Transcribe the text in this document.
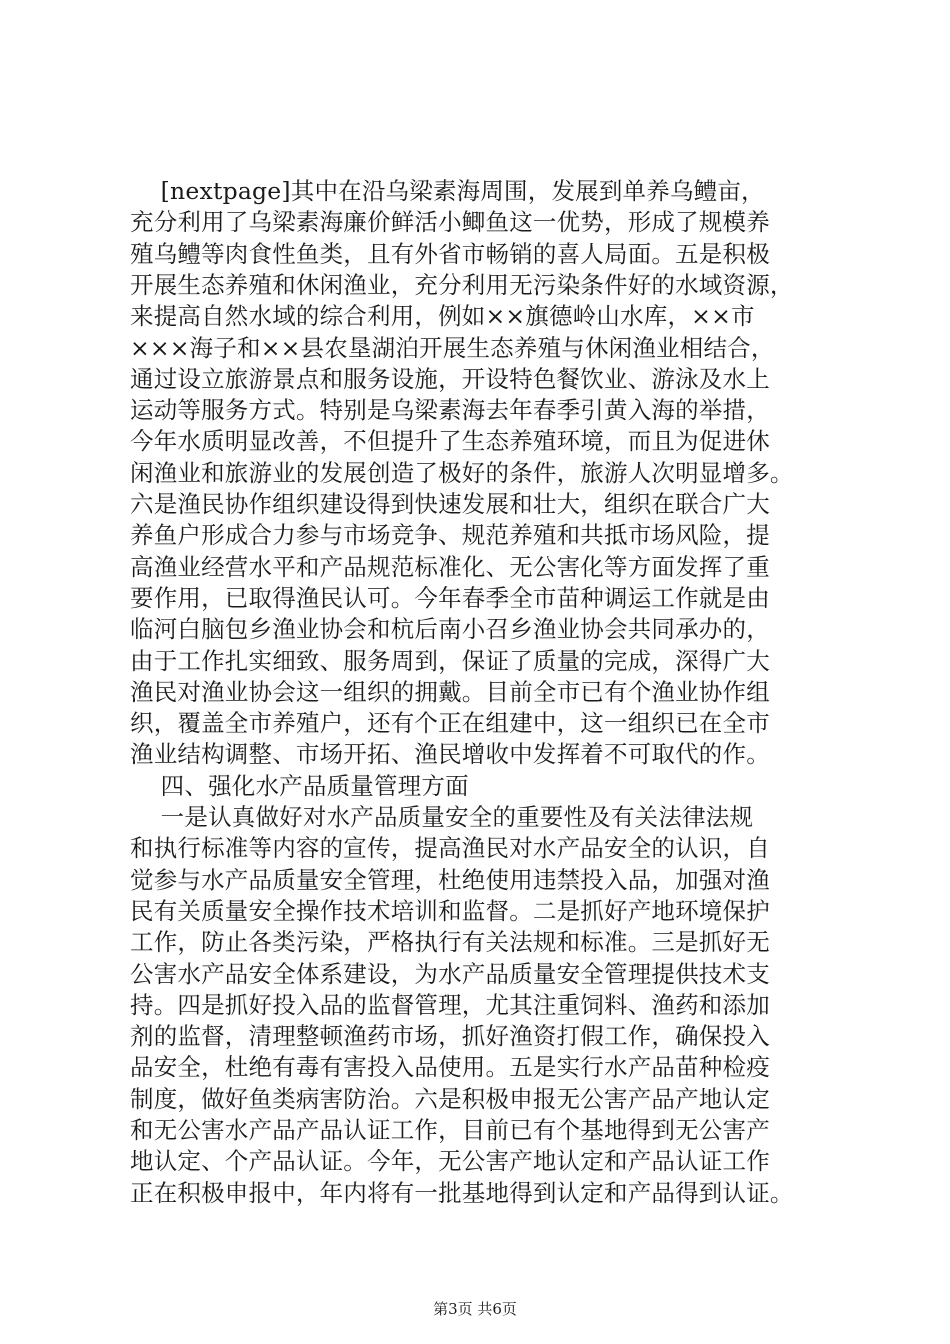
[nextpage]其中在沿乌梁素海周围，发展到单养乌鳢亩，
充分利用了乌梁素海廉价鲜活小鲫鱼这一优势，形成了规模养
殖乌鳢等肉食性鱼类，且有外省市畅销的喜人局面。五是积极
开展生态养殖和休闲渔业，充分利用无污染条件好的水域资源，
来提高自然水域的综合利用，例如××旗德岭山水库，××市
×××海子和××县农垦湖泊开展生态养殖与休闲渔业相结合，
通过设立旅游景点和服务设施，开设特色餐饮业、游泳及水上
运动等服务方式。特别是乌梁素海去年春季引黄入海的举措，
今年水质明显改善，不但提升了生态养殖环境，而且为促进休
闲渔业和旅游业的发展创造了极好的条件，旅游人次明显增多。
六是渔民协作组织建设得到快速发展和壮大，组织在联合广大
养鱼户形成合力参与市场竞争、规范养殖和共抵市场风险，提
高渔业经营水平和产品规范标准化、无公害化等方面发挥了重
要作用，已取得渔民认可。今年春季全市苗种调运工作就是由
临河白脑包乡渔业协会和杭后南小召乡渔业协会共同承办的，
由于工作扎实细致、服务周到，保证了质量的完成，深得广大
渔民对渔业协会这一组织的拥戴。目前全市已有个渔业协作组
织，覆盖全市养殖户，还有个正在组建中，这一组织已在全市
渔业结构调整、市场开拓、渔民增收中发挥着不可取代的作。
四、强化水产品质量管理方面
一是认真做好对水产品质量安全的重要性及有关法律法规
和执行标准等内容的宣传，提高渔民对水产品安全的认识，自
觉参与水产品质量安全管理，杜绝使用违禁投入品，加强对渔
民有关质量安全操作技术培训和监督。二是抓好产地环境保护
工作，防止各类污染，严格执行有关法规和标准。三是抓好无
公害水产品安全体系建设，为水产品质量安全管理提供技术支
持。四是抓好投入品的监督管理，尤其注重饲料、渔药和添加
剂的监督，清理整顿渔药市场，抓好渔资打假工作，确保投入
品安全，杜绝有毒有害投入品使用。五是实行水产品苗种检疫
制度，做好鱼类病害防治。六是积极申报无公害产品产地认定
和无公害水产品产品认证工作，目前已有个基地得到无公害产
地认定、个产品认证。今年，无公害产地认定和产品认证工作
正在积极申报中，年内将有一批基地得到认定和产品得到认证。
第3页 共6页
